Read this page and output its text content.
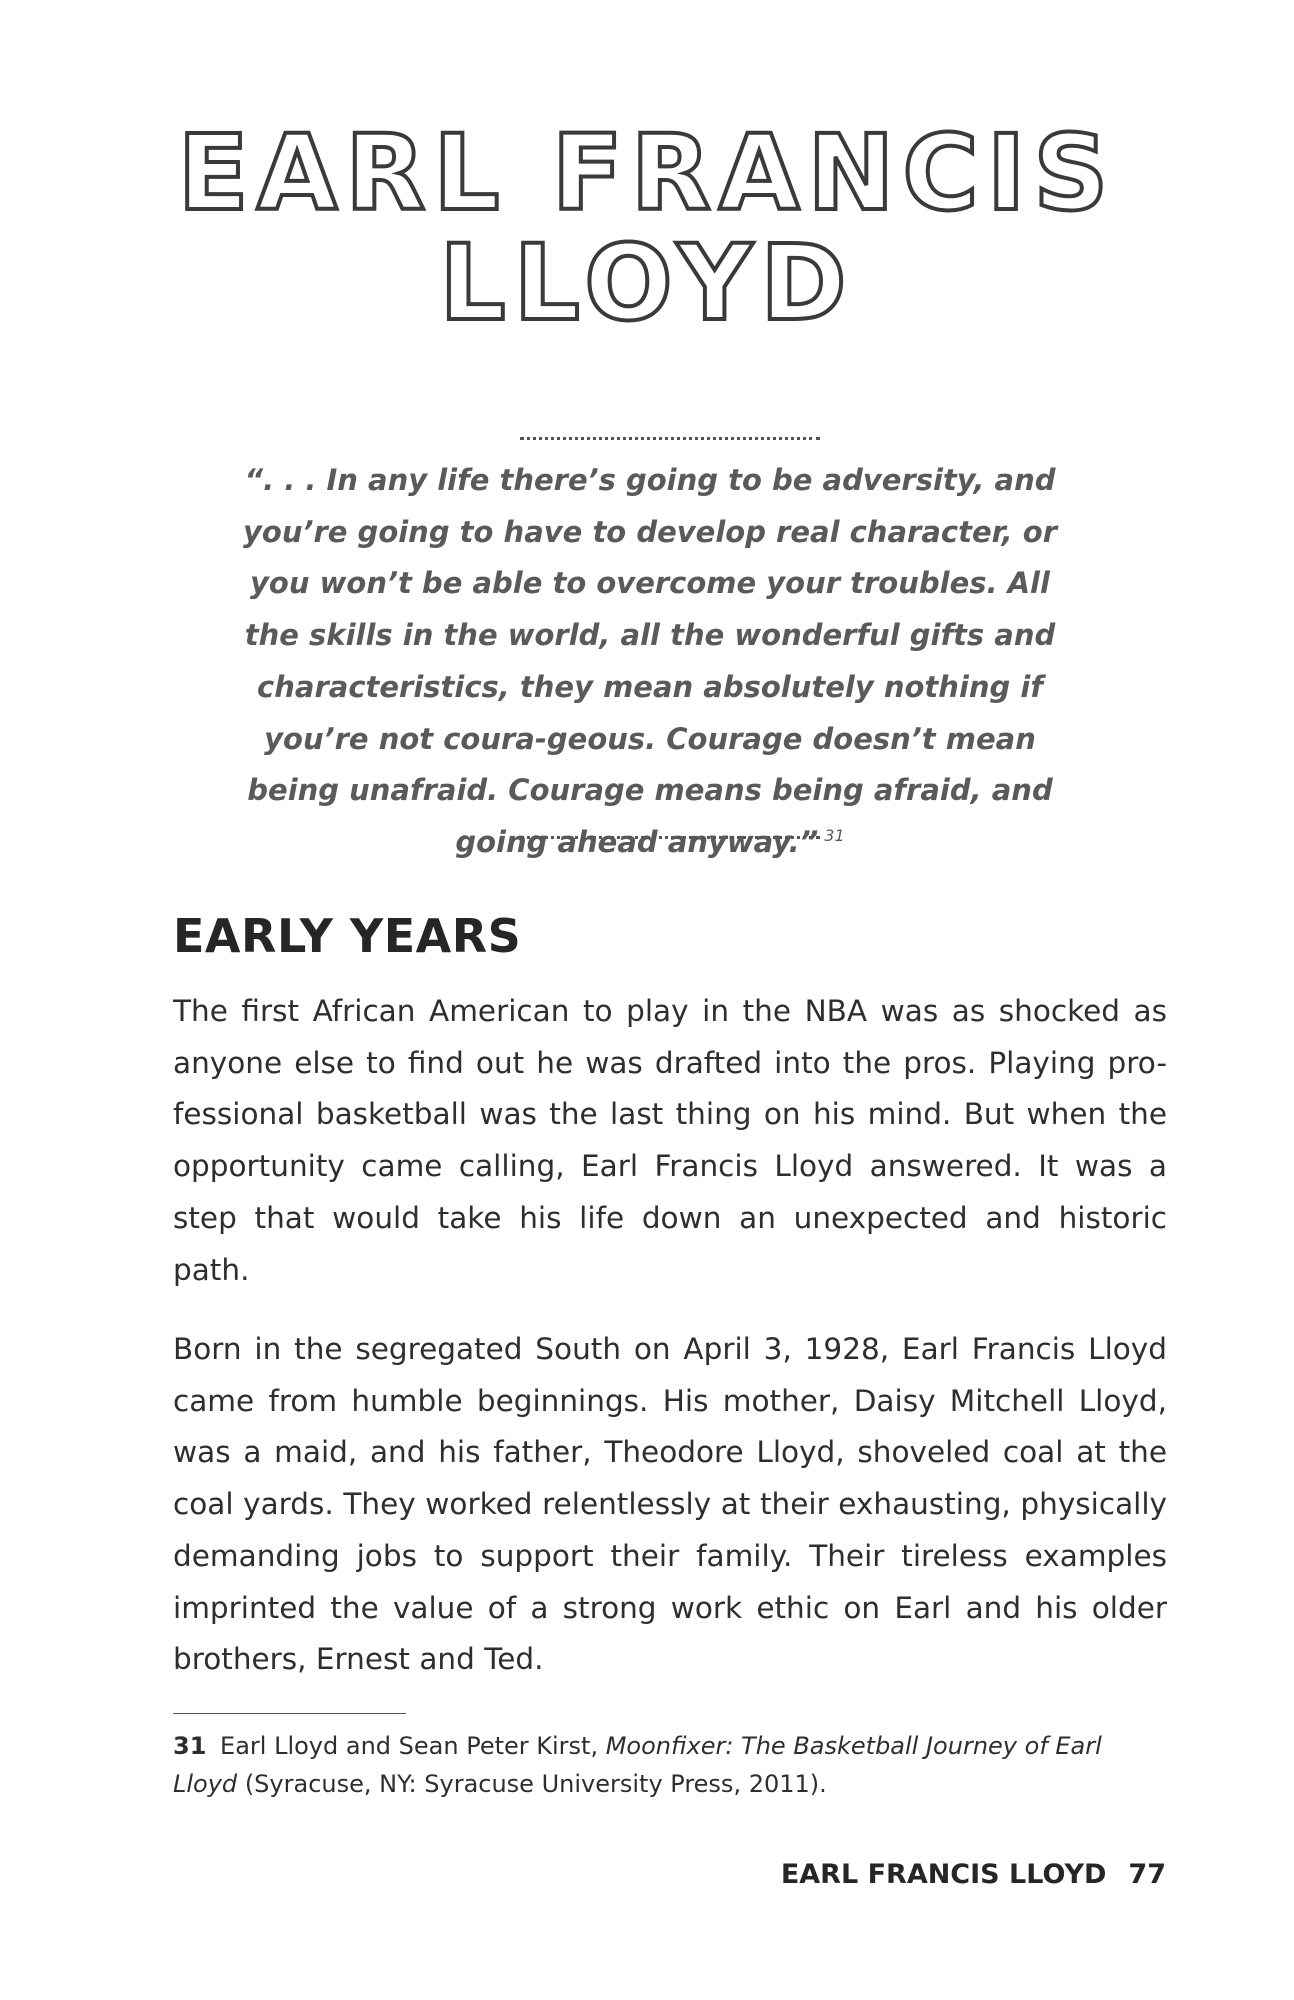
EARL FRANCIS
LLOYD

“. . . In any life there’s going to be adversity, and you’re going to have to develop real character, or you won’t be able to overcome your troubles. All the skills in the world, all the wonderful gifts and characteristics, they mean absolutely nothing if you’re not coura-geous. Courage doesn’t mean being unafraid. Courage means being afraid, and going ahead anyway.” $^{31}$

EARLY YEARS

The first African American to play in the NBA was as shocked as anyone else to find out he was drafted into the pros. Playing pro-fessional basketball was the last thing on his mind. But when the opportunity came calling, Earl Francis Lloyd answered. It was a step that would take his life down an unexpected and historic path.

Born in the segregated South on April 3, 1928, Earl Francis Lloyd came from humble beginnings. His mother, Daisy Mitchell Lloyd, was a maid, and his father, Theodore Lloyd, shoveled coal at the coal yards. They worked relentlessly at their exhausting, physically demanding jobs to support their family. Their tireless examples imprinted the value of a strong work ethic on Earl and his older brothers, Ernest and Ted.

31 Earl Lloyd and Sean Peter Kirst, Moonfixer: The Basketball Journey of Earl Lloyd (Syracuse, NY: Syracuse University Press, 2011).

EARL FRANCIS LLOYD 77
